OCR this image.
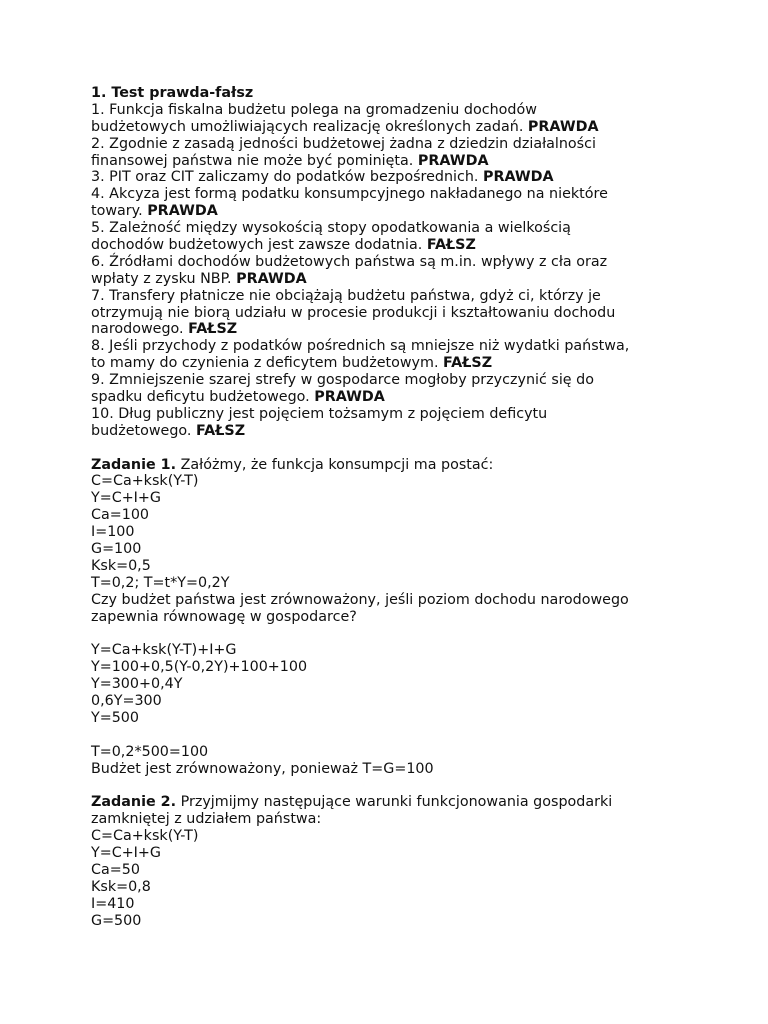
1. Test prawda-fałsz
1. Funkcja fiskalna budżetu polega na gromadzeniu dochodów
budżetowych umożliwiających realizację określonych zadań. PRAWDA
2. Zgodnie z zasadą jedności budżetowej żadna z dziedzin działalności
finansowej państwa nie może być pominięta. PRAWDA
3. PIT oraz CIT zaliczamy do podatków bezpośrednich. PRAWDA
4. Akcyza jest formą podatku konsumpcyjnego nakładanego na niektóre
towary. PRAWDA
5. Zależność między wysokością stopy opodatkowania a wielkością
dochodów budżetowych jest zawsze dodatnia. FAŁSZ
6. Źródłami dochodów budżetowych państwa są m.in. wpływy z cła oraz
wpłaty z zysku NBP. PRAWDA
7. Transfery płatnicze nie obciążają budżetu państwa, gdyż ci, którzy je
otrzymują nie biorą udziału w procesie produkcji i kształtowaniu dochodu
narodowego. FAŁSZ
8. Jeśli przychody z podatków pośrednich są mniejsze niż wydatki państwa,
to mamy do czynienia z deficytem budżetowym. FAŁSZ
9. Zmniejszenie szarej strefy w gospodarce mogłoby przyczynić się do
spadku deficytu budżetowego. PRAWDA
10. Dług publiczny jest pojęciem tożsamym z pojęciem deficytu
budżetowego. FAŁSZ
Zadanie 1. Załóżmy, że funkcja konsumpcji ma postać:
C=Ca+ksk(Y-T)
Y=C+I+G
Ca=100
I=100
G=100
Ksk=0,5
T=0,2; T=t*Y=0,2Y
Czy budżet państwa jest zrównoważony, jeśli poziom dochodu narodowego
zapewnia równowagę w gospodarce?
Y=Ca+ksk(Y-T)+I+G
Y=100+0,5(Y-0,2Y)+100+100
Y=300+0,4Y
0,6Y=300
Y=500
T=0,2*500=100
Budżet jest zrównoważony, ponieważ T=G=100
Zadanie 2. Przyjmijmy następujące warunki funkcjonowania gospodarki
zamkniętej z udziałem państwa:
C=Ca+ksk(Y-T)
Y=C+I+G
Ca=50
Ksk=0,8
I=410
G=500
